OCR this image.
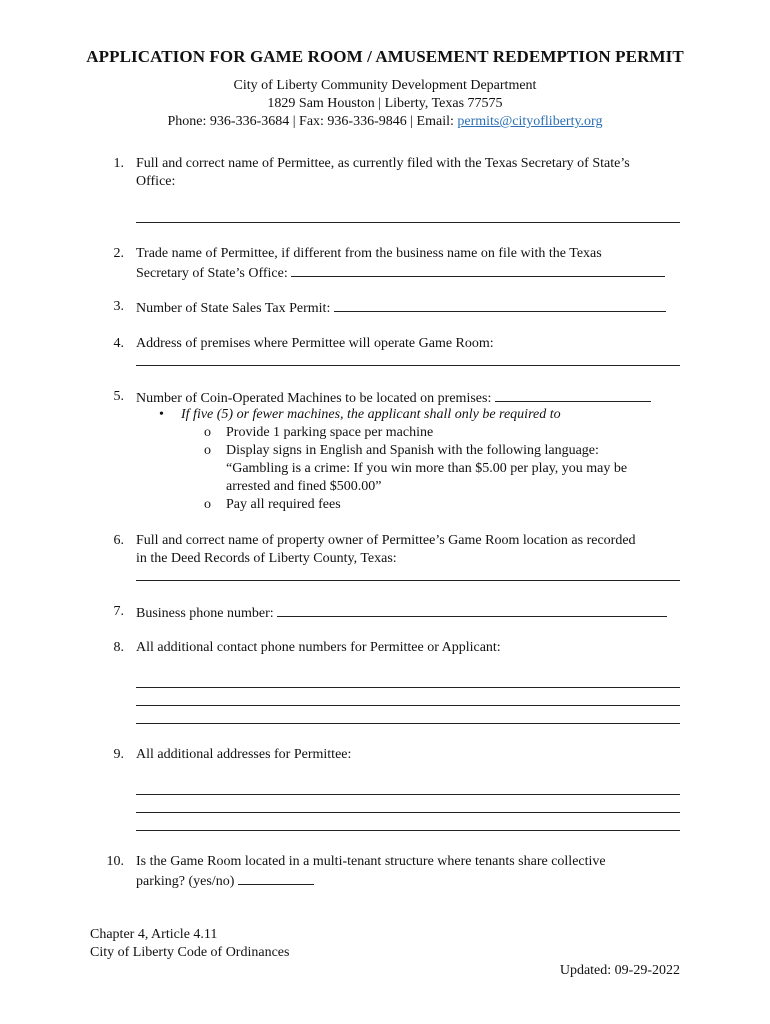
APPLICATION FOR GAME ROOM / AMUSEMENT REDEMPTION PERMIT
City of Liberty Community Development Department
1829 Sam Houston | Liberty, Texas 77575
Phone: 936-336-3684 | Fax: 936-336-9846 | Email: permits@cityofliberty.org
1. Full and correct name of Permittee, as currently filed with the Texas Secretary of State’s
Office:
2. Trade name of Permittee, if different from the business name on file with the Texas
Secretary of State’s Office:
3. Number of State Sales Tax Permit:
4. Address of premises where Permittee will operate Game Room:
5. Number of Coin-Operated Machines to be located on premises:
• If five (5) or fewer machines, the applicant shall only be required to
o Provide 1 parking space per machine
o Display signs in English and Spanish with the following language:
“Gambling is a crime: If you win more than $5.00 per play, you may be
arrested and fined $500.00”
o Pay all required fees
6. Full and correct name of property owner of Permittee’s Game Room location as recorded
in the Deed Records of Liberty County, Texas:
7. Business phone number:
8. All additional contact phone numbers for Permittee or Applicant:
9. All additional addresses for Permittee:
10. Is the Game Room located in a multi-tenant structure where tenants share collective
parking? (yes/no)
Chapter 4, Article 4.11
City of Liberty Code of Ordinances
Updated: 09-29-2022
